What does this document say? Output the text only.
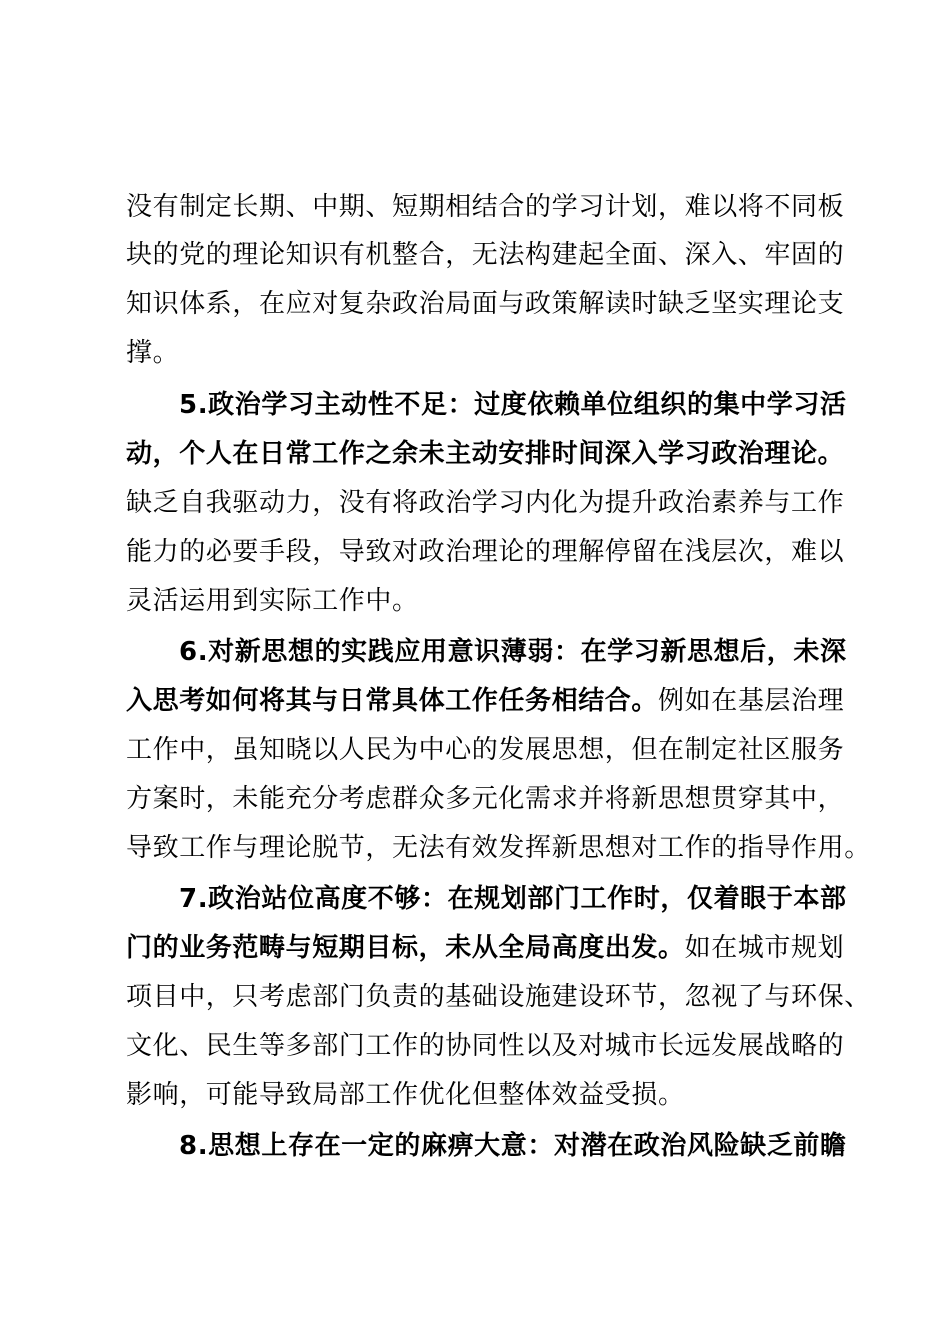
没有制定长期、中期、短期相结合的学习计划，难以将不同板
块的党的理论知识有机整合，无法构建起全面、深入、牢固的
知识体系，在应对复杂政治局面与政策解读时缺乏坚实理论支
撑。
5.政治学习主动性不足：过度依赖单位组织的集中学习活
动，个人在日常工作之余未主动安排时间深入学习政治理论。
缺乏自我驱动力，没有将政治学习内化为提升政治素养与工作
能力的必要手段，导致对政治理论的理解停留在浅层次，难以
灵活运用到实际工作中。
6.对新思想的实践应用意识薄弱：在学习新思想后，未深
入思考如何将其与日常具体工作任务相结合。例如在基层治理
工作中，虽知晓以人民为中心的发展思想，但在制定社区服务
方案时，未能充分考虑群众多元化需求并将新思想贯穿其中，
导致工作与理论脱节，无法有效发挥新思想对工作的指导作用。
7.政治站位高度不够：在规划部门工作时，仅着眼于本部
门的业务范畴与短期目标，未从全局高度出发。如在城市规划
项目中，只考虑部门负责的基础设施建设环节，忽视了与环保、
文化、民生等多部门工作的协同性以及对城市长远发展战略的
影响，可能导致局部工作优化但整体效益受损。
8.思想上存在一定的麻痹大意：对潜在政治风险缺乏前瞻
